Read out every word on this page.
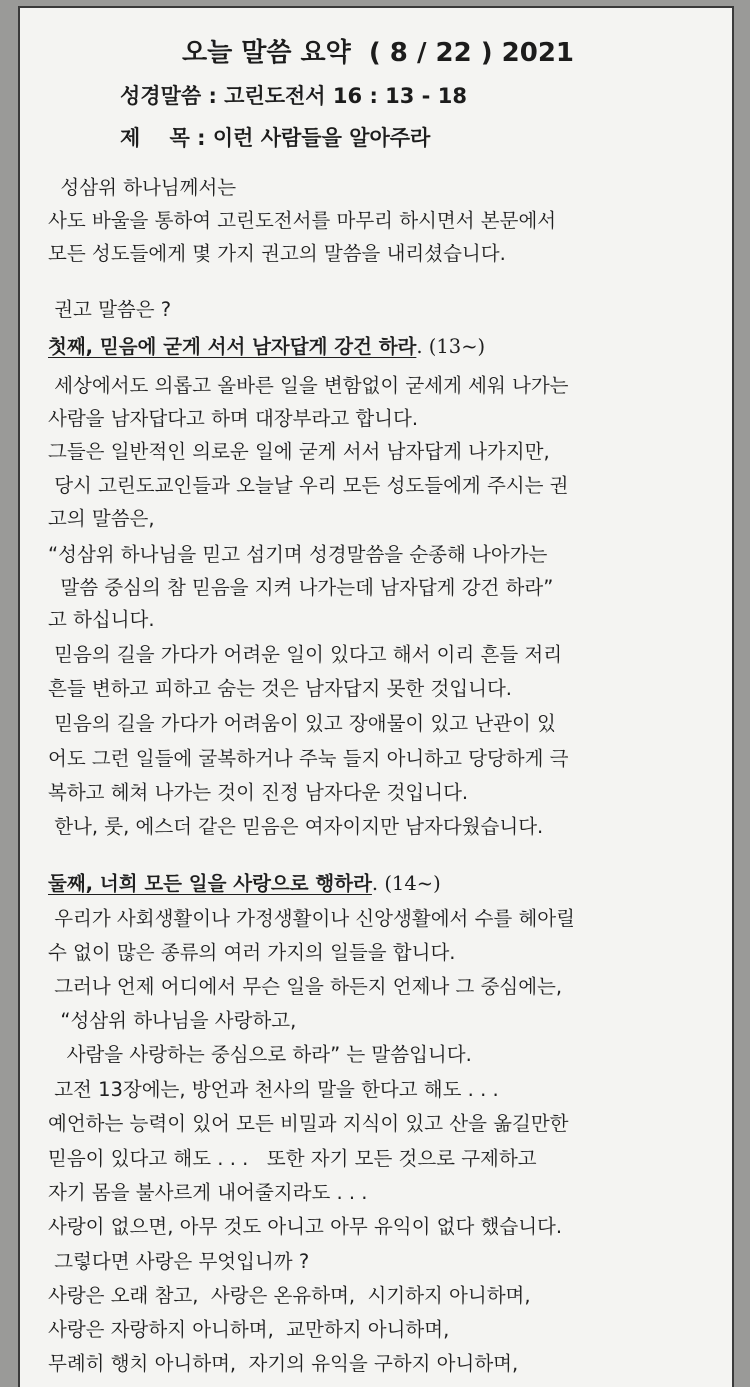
오늘 말씀 요약  ( 8 / 22 ) 2021
성경말씀 : 고린도전서 16 : 13 - 18
제    목 : 이런 사람들을 알아주라
성삼위 하나님께서는
사도 바울을 통하여 고린도전서를 마무리 하시면서 본문에서
모든 성도들에게 몇 가지 권고의 말씀을 내리셨습니다.
권고 말씀은 ?
첫째, 믿음에 굳게 서서 남자답게 강건 하라. (13~)
세상에서도 의롭고 올바른 일을 변함없이 굳세게 세워 나가는
사람을 남자답다고 하며 대장부라고 합니다.
그들은 일반적인 의로운 일에 굳게 서서 남자답게 나가지만,
당시 고린도교인들과 오늘날 우리 모든 성도들에게 주시는 권
고의 말씀은,
“성삼위 하나님을 믿고 섬기며 성경말씀을 순종해 나아가는
말씀 중심의 참 믿음을 지켜 나가는데 남자답게 강건 하라”
고 하십니다.
믿음의 길을 가다가 어려운 일이 있다고 해서 이리 흔들 저리
흔들 변하고 피하고 숨는 것은 남자답지 못한 것입니다.
믿음의 길을 가다가 어려움이 있고 장애물이 있고 난관이 있
어도 그런 일들에 굴복하거나 주눅 들지 아니하고 당당하게 극
복하고 헤쳐 나가는 것이 진정 남자다운 것입니다.
한나, 룻, 에스더 같은 믿음은 여자이지만 남자다웠습니다.
둘째, 너희 모든 일을 사랑으로 행하라. (14~)
우리가 사회생활이나 가정생활이나 신앙생활에서 수를 헤아릴
수 없이 많은 종류의 여러 가지의 일들을 합니다.
그러나 언제 어디에서 무슨 일을 하든지 언제나 그 중심에는,
“성삼위 하나님을 사랑하고,
사람을 사랑하는 중심으로 하라” 는 말씀입니다.
고전 13장에는, 방언과 천사의 말을 한다고 해도 . . .
예언하는 능력이 있어 모든 비밀과 지식이 있고 산을 옮길만한
믿음이 있다고 해도 . . .   또한 자기 모든 것으로 구제하고
자기 몸을 불사르게 내어줄지라도 . . .
사랑이 없으면, 아무 것도 아니고 아무 유익이 없다 했습니다.
그렇다면 사랑은 무엇입니까 ?
사랑은 오래 참고,  사랑은 온유하며,  시기하지 아니하며,
사랑은 자랑하지 아니하며,  교만하지 아니하며,
무례히 행치 아니하며,  자기의 유익을 구하지 아니하며,
